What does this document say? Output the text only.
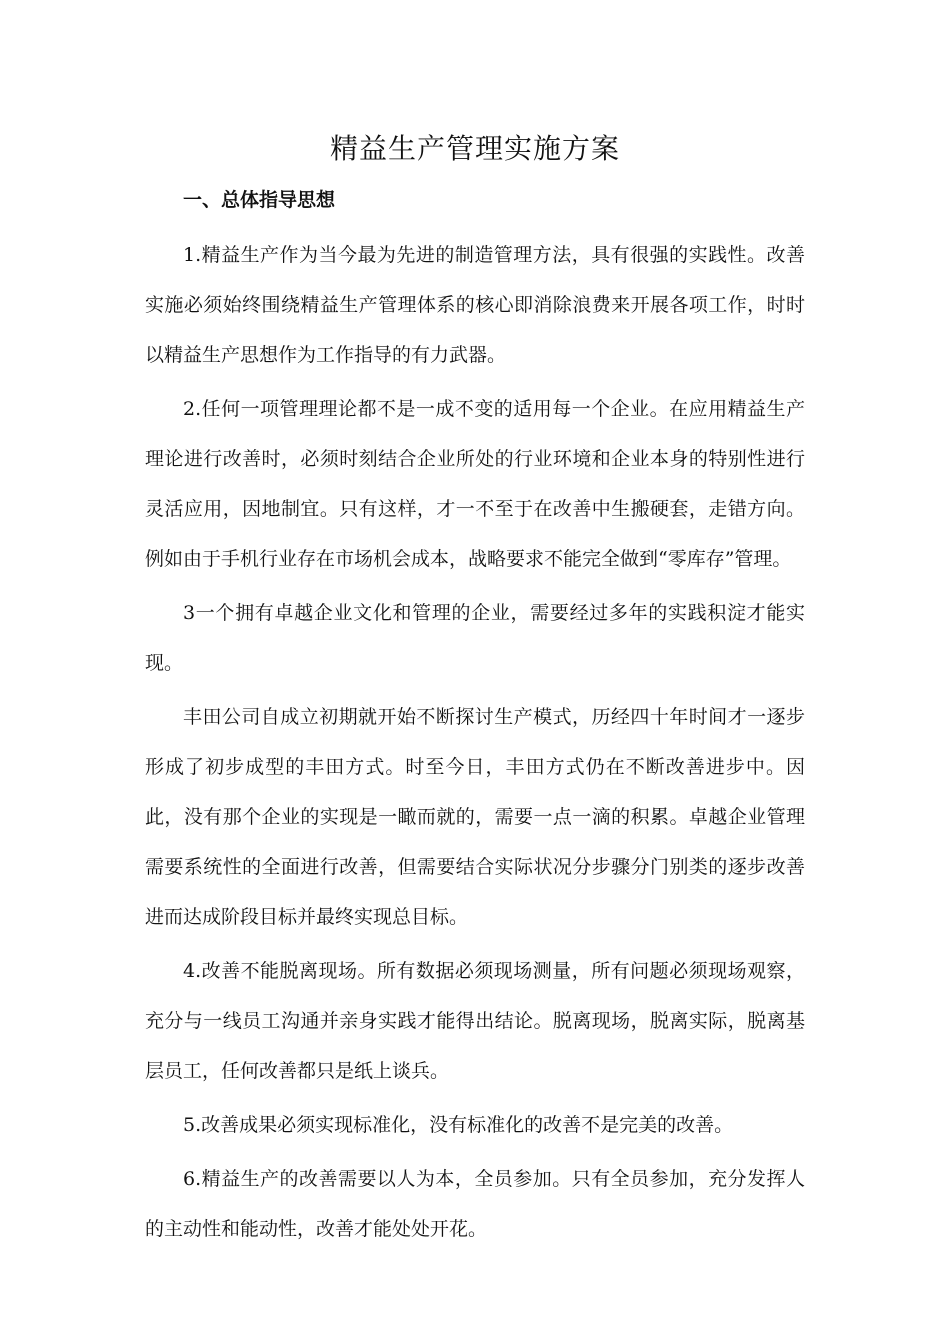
精益生产管理实施方案
一、总体指导思想

1.精益生产作为当今最为先进的制造管理方法，具有很强的实践性。改善实施必须始终围绕精益生产管理体系的核心即消除浪费来开展各项工作，时时以精益生产思想作为工作指导的有力武器。

2.任何一项管理理论都不是一成不变的适用每一个企业。在应用精益生产理论进行改善时，必须时刻结合企业所处的行业环境和企业本身的特别性进行灵活应用，因地制宜。只有这样，才一不至于在改善中生搬硬套，走错方向。例如由于手机行业存在市场机会成本，战略要求不能完全做到“零库存”管理。

3一个拥有卓越企业文化和管理的企业，需要经过多年的实践积淀才能实现。

丰田公司自成立初期就开始不断探讨生产模式，历经四十年时间才一逐步形成了初步成型的丰田方式。时至今日，丰田方式仍在不断改善进步中。因此，没有那个企业的实现是一瞰而就的，需要一点一滴的积累。卓越企业管理需要系统性的全面进行改善，但需要结合实际状况分步骤分门别类的逐步改善进而达成阶段目标并最终实现总目标。

4.改善不能脱离现场。所有数据必须现场测量，所有问题必须现场观察，充分与一线员工沟通并亲身实践才能得出结论。脱离现场，脱离实际，脱离基层员工，任何改善都只是纸上谈兵。

5.改善成果必须实现标准化，没有标准化的改善不是完美的改善。

6.精益生产的改善需要以人为本，全员参加。只有全员参加，充分发挥人的主动性和能动性，改善才能处处开花。
